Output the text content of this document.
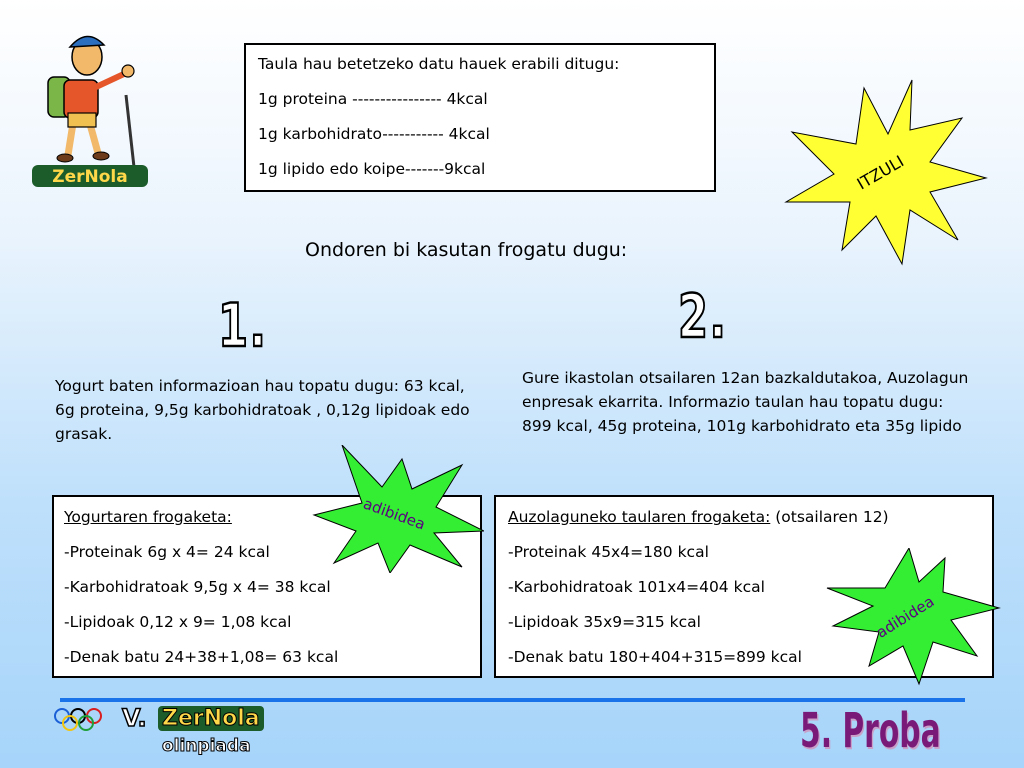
ZerNola

Taula hau betetzeko datu hauek erabili ditugu:

1g proteina ---------------- 4kcal

1g karbohidrato----------- 4kcal

1g lipido edo koipe-------9kcal	ITZULI
Ondoren bi kasutan frogatu dugu:
1.	2.
Yogurt baten informazioan hau topatu dugu: 63 kcal, 6g proteina, 9,5g karbohidratoak , 0,12g lipidoak edo grasak.
Gure ikastolan otsailaren 12an bazkaldutakoa, Auzolagun enpresak ekarrita. Informazio taulan hau topatu dugu: 899 kcal, 45g proteina, 101g karbohidrato eta 35g lipido

Yogurtaren frogaketa:

-Proteinak 6g x 4= 24 kcal

-Karbohidratoak 9,5g x 4= 38 kcal

-Lipidoak 0,12 x 9= 1,08 kcal

-Denak batu 24+38+1,08= 63 kcal

Auzolaguneko taularen frogaketa: (otsailaren 12)

-Proteinak 45x4=180 kcal

-Karbohidratoak 101x4=404 kcal

-Lipidoak 35x9=315 kcal

-Denak batu 180+404+315=899 kcal

adibidea
adibidea
V. ZerNola
olinpiada	5. Proba
